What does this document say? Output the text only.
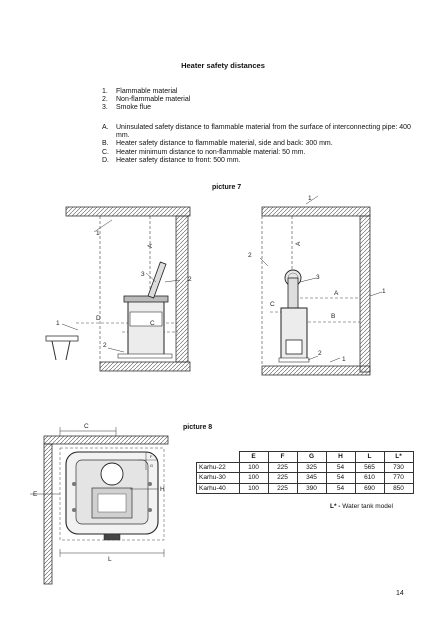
Heater safety distances
1.	Flammable material
2.	Non-flammable material
3.	Smoke flue
A.	Uninsulated safety distance to flammable material from the surface of interconnecting pipe: 400 mm.
B.	Heater safety distance to flammable material, side and back: 300 mm.
C.	Heater minimum distance to non-flammable material: 50 mm.
D.	Heater safety distance to front: 500 mm.
picture 7
1
A
3
2
1
D
C
2
1
A
2
3
A	1
C
B
2
1
C
E
H
F
G
L
picture 8
	E	F	G	H	L	L*
Karhu-22	100	225	325	54	565	730
Karhu-30	100	225	345	54	610	770
Karhu-40	100	225	390	54	690	850
L* - Water tank model
14
